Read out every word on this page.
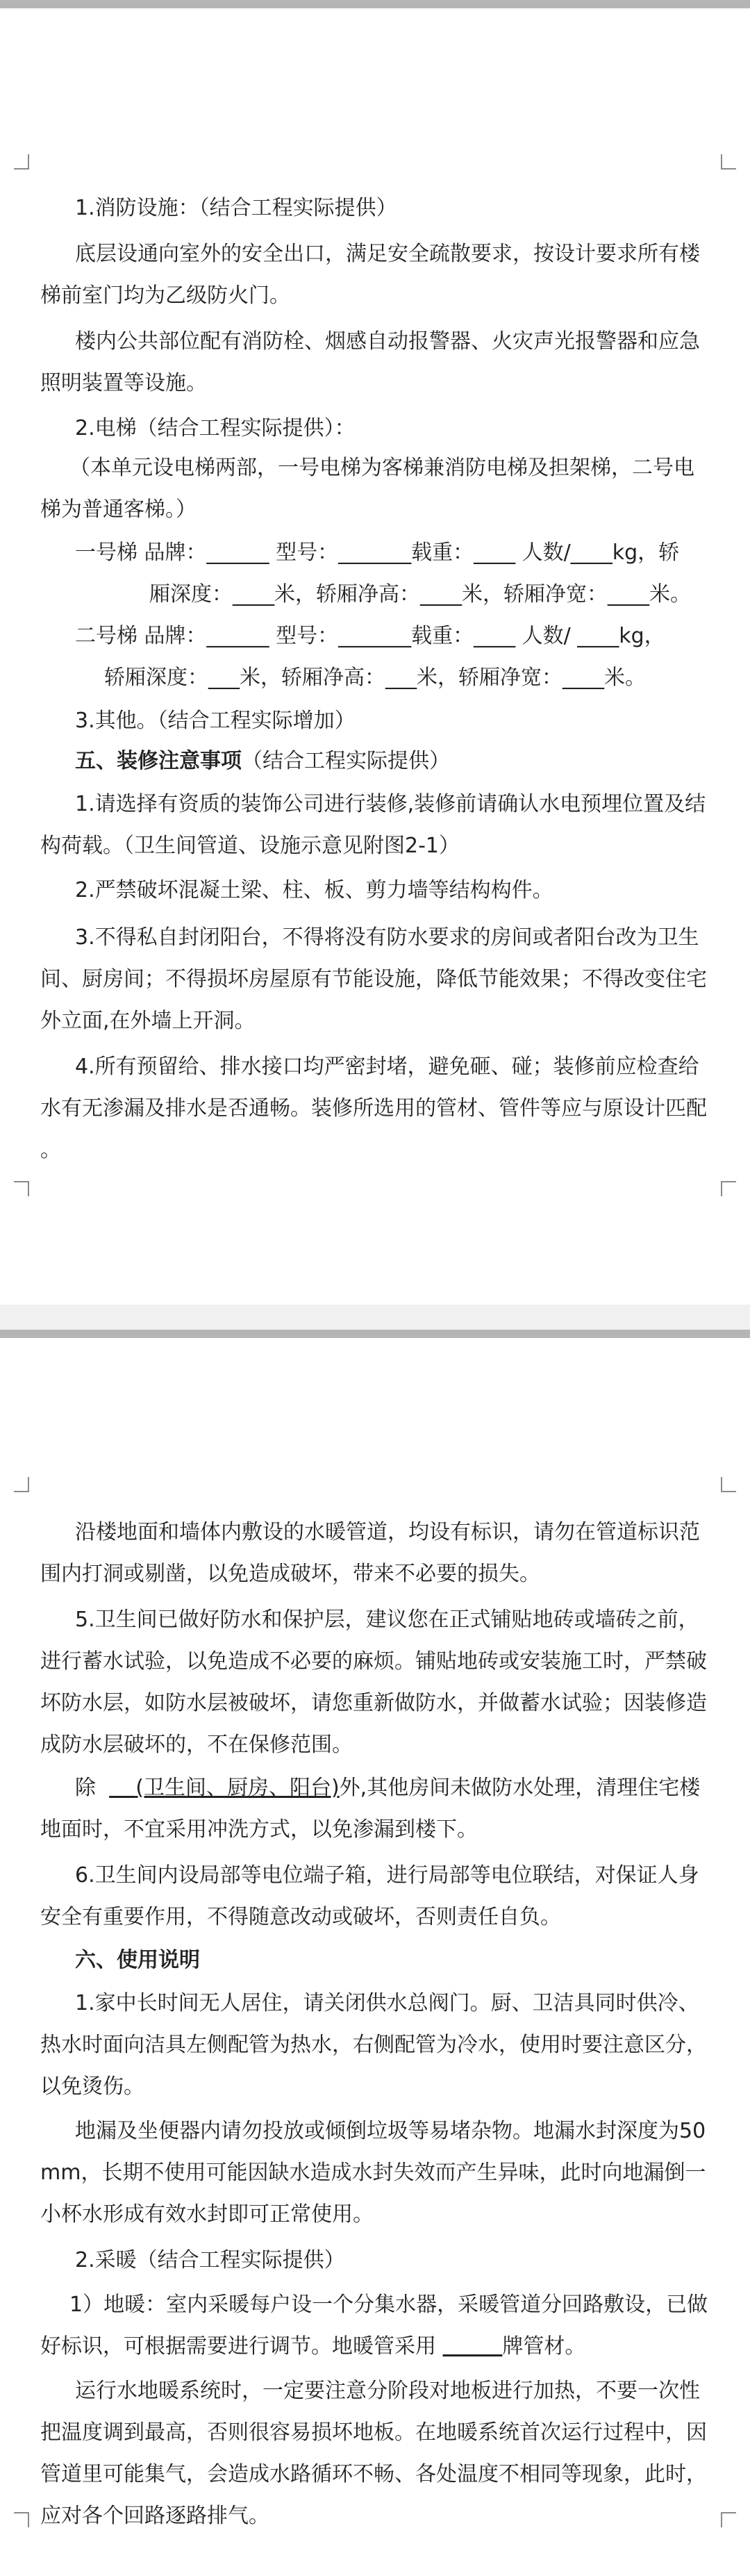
1.消防设施：（结合工程实际提供）

底层设通向室外的安全出口，满足安全疏散要求，按设计要求所有楼

梯前室门均为乙级防火门。

楼内公共部位配有消防栓、烟感自动报警器、火灾声光报警器和应急

照明装置等设施。

2.电梯（结合工程实际提供）：

（本单元设电梯两部，一号电梯为客梯兼消防电梯及担架梯，二号电

梯为普通客梯。）

一号梯 品牌：______ 型号：_______载重：____ 人数/____kg，轿

厢深度：____米，轿厢净高：____米，轿厢净宽：____米。

二号梯 品牌：______ 型号：_______载重：____ 人数/ ____kg，

轿厢深度：___米，轿厢净高：___米，轿厢净宽：____米。

3.其他。（结合工程实际增加）

五、装修注意事项（结合工程实际提供）

1.请选择有资质的装饰公司进行装修,装修前请确认水电预埋位置及结

构荷载。（卫生间管道、设施示意见附图2-1）

2.严禁破坏混凝土梁、柱、板、剪力墙等结构构件。

3.不得私自封闭阳台，不得将没有防水要求的房间或者阳台改为卫生

间、厨房间；不得损坏房屋原有节能设施，降低节能效果；不得改变住宅

外立面,在外墙上开洞。

4.所有预留给、排水接口均严密封堵，避免砸、碰；装修前应检查给

水有无渗漏及排水是否通畅。装修所选用的管材、管件等应与原设计匹配

。

沿楼地面和墙体内敷设的水暖管道，均设有标识，请勿在管道标识范

围内打洞或剔凿，以免造成破坏，带来不必要的损失。

5.卫生间已做好防水和保护层，建议您在正式铺贴地砖或墙砖之前，

进行蓄水试验，以免造成不必要的麻烦。铺贴地砖或安装施工时，严禁破

坏防水层，如防水层被破坏，请您重新做防水，并做蓄水试验；因装修造

成防水层破坏的，不在保修范围。

除 (卫生间、厨房、阳台)外,其他房间未做防水处理，清理住宅楼

地面时，不宜采用冲洗方式，以免渗漏到楼下。

6.卫生间内设局部等电位端子箱，进行局部等电位联结，对保证人身

安全有重要作用，不得随意改动或破坏，否则责任自负。

六、使用说明

1.家中长时间无人居住，请关闭供水总阀门。厨、卫洁具同时供冷、

热水时面向洁具左侧配管为热水，右侧配管为冷水，使用时要注意区分，

以免烫伤。

地漏及坐便器内请勿投放或倾倒垃圾等易堵杂物。地漏水封深度为50

mm，长期不使用可能因缺水造成水封失效而产生异味，此时向地漏倒一

小杯水形成有效水封即可正常使用。

2.采暖（结合工程实际提供）

1）地暖：室内采暖每户设一个分集水器，采暖管道分回路敷设，已做

好标识，可根据需要进行调节。地暖管采用	牌管材。

运行水地暖系统时，一定要注意分阶段对地板进行加热，不要一次性

把温度调到最高，否则很容易损坏地板。在地暖系统首次运行过程中，因

管道里可能集气，会造成水路循环不畅、各处温度不相同等现象，此时，

应对各个回路逐路排气。
